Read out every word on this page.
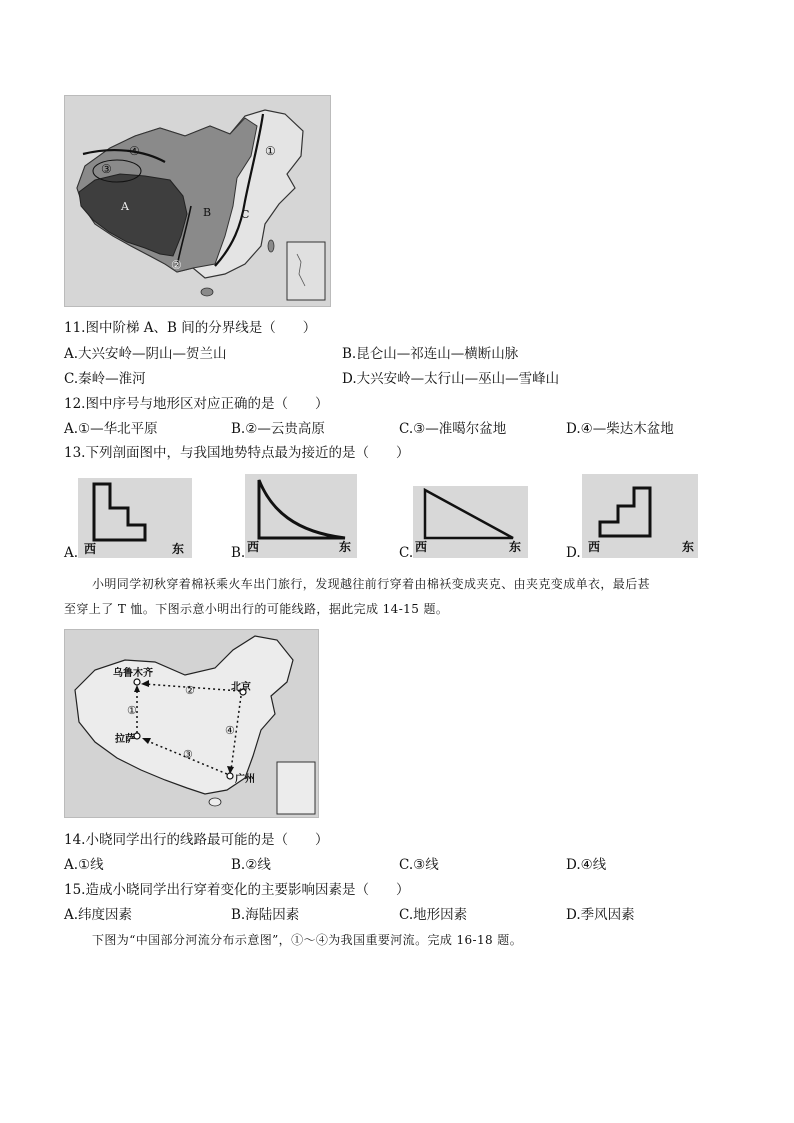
①
②
③
④
A	B	C
11.图中阶梯 A、B 间的分界线是（　　）
A.大兴安岭—阴山—贺兰山	B.昆仑山—祁连山—横断山脉
C.秦岭—淮河	D.大兴安岭—太行山—巫山—雪峰山
12.图中序号与地形区对应正确的是（　　）
A.①—华北平原	B.②—云贵高原	C.③—准噶尔盆地	D.④—柴达木盆地
13.下列剖面图中，与我国地势特点最为接近的是（　　）
A. 西	东	B. 西	东	C. 西	东	D. 西	东
小明同学初秋穿着棉袄乘火车出门旅行，发现越往前行穿着由棉袄变成夹克、由夹克变成单衣，最后甚
至穿上了 T 恤。下图示意小明出行的可能线路，据此完成 14-15 题。
乌鲁木齐
北京
拉萨
广州
①
②
③
④
14.小晓同学出行的线路最可能的是（　　）
A.①线	B.②线	C.③线	D.④线
15.造成小晓同学出行穿着变化的主要影响因素是（　　）
A.纬度因素	B.海陆因素	C.地形因素	D.季风因素
下图为“中国部分河流分布示意图”，①～④为我国重要河流。完成 16-18 题。
